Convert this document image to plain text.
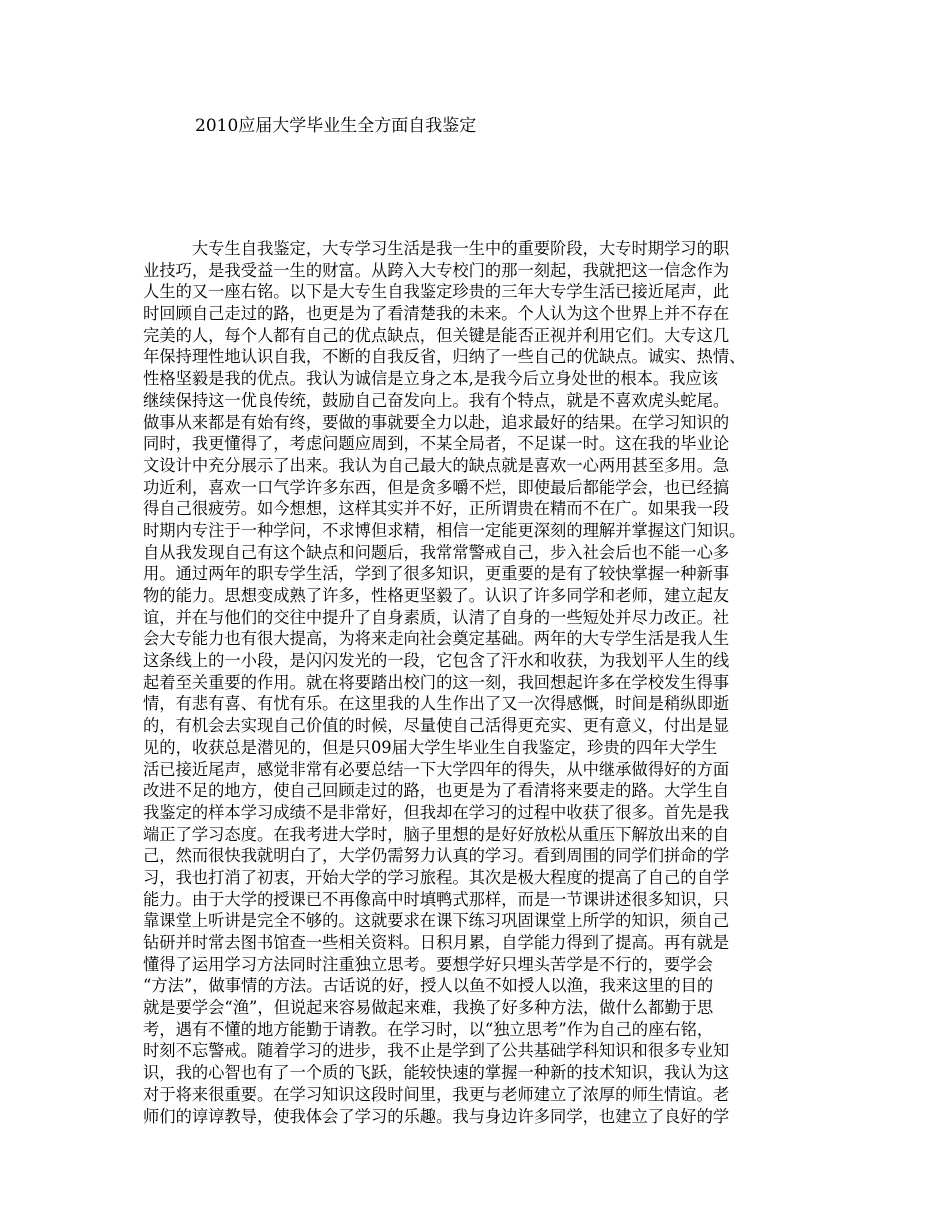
2010应届大学毕业生全方面自我鉴定
　　　大专生自我鉴定，大专学习生活是我一生中的重要阶段，大专时期学习的职
业技巧，是我受益一生的财富。从跨入大专校门的那一刻起，我就把这一信念作为
人生的又一座右铭。以下是大专生自我鉴定珍贵的三年大专学生活已接近尾声，此
时回顾自己走过的路，也更是为了看清楚我的未来。个人认为这个世界上并不存在
完美的人，每个人都有自己的优点缺点，但关键是能否正视并利用它们。大专这几
年保持理性地认识自我，不断的自我反省，归纳了一些自己的优缺点。诚实、热情、
性格坚毅是我的优点。我认为诚信是立身之本,是我今后立身处世的根本。我应该
继续保持这一优良传统，鼓励自己奋发向上。我有个特点，就是不喜欢虎头蛇尾。
做事从来都是有始有终，要做的事就要全力以赴，追求最好的结果。在学习知识的
同时，我更懂得了，考虑问题应周到，不某全局者，不足谋一时。这在我的毕业论
文设计中充分展示了出来。我认为自己最大的缺点就是喜欢一心两用甚至多用。急
功近利，喜欢一口气学许多东西，但是贪多嚼不烂，即使最后都能学会，也已经搞
得自己很疲劳。如今想想，这样其实并不好，正所谓贵在精而不在广。如果我一段
时期内专注于一种学问，不求博但求精，相信一定能更深刻的理解并掌握这门知识。
自从我发现自己有这个缺点和问题后，我常常警戒自己，步入社会后也不能一心多
用。通过两年的职专学生活，学到了很多知识，更重要的是有了较快掌握一种新事
物的能力。思想变成熟了许多，性格更坚毅了。认识了许多同学和老师，建立起友
谊，并在与他们的交往中提升了自身素质，认清了自身的一些短处并尽力改正。社
会大专能力也有很大提高，为将来走向社会奠定基础。两年的大专学生活是我人生
这条线上的一小段，是闪闪发光的一段，它包含了汗水和收获，为我划平人生的线
起着至关重要的作用。就在将要踏出校门的这一刻，我回想起许多在学校发生得事
情，有悲有喜、有忧有乐。在这里我的人生作出了又一次得感慨，时间是稍纵即逝
的，有机会去实现自己价值的时候，尽量使自己活得更充实、更有意义，付出是显
见的，收获总是潜见的，但是只09届大学生毕业生自我鉴定，珍贵的四年大学生
活已接近尾声，感觉非常有必要总结一下大学四年的得失，从中继承做得好的方面
改进不足的地方，使自己回顾走过的路，也更是为了看清将来要走的路。大学生自
我鉴定的样本学习成绩不是非常好，但我却在学习的过程中收获了很多。首先是我
端正了学习态度。在我考进大学时，脑子里想的是好好放松从重压下解放出来的自
己，然而很快我就明白了，大学仍需努力认真的学习。看到周围的同学们拼命的学
习，我也打消了初衷，开始大学的学习旅程。其次是极大程度的提高了自己的自学
能力。由于大学的授课已不再像高中时填鸭式那样，而是一节课讲述很多知识，只
靠课堂上听讲是完全不够的。这就要求在课下练习巩固课堂上所学的知识，须自己
钻研并时常去图书馆查一些相关资料。日积月累，自学能力得到了提高。再有就是
懂得了运用学习方法同时注重独立思考。要想学好只埋头苦学是不行的，要学会
“方法”，做事情的方法。古话说的好，授人以鱼不如授人以渔，我来这里的目的
就是要学会“渔”，但说起来容易做起来难，我换了好多种方法，做什么都勤于思
考，遇有不懂的地方能勤于请教。在学习时，以“独立思考”作为自己的座右铭，
时刻不忘警戒。随着学习的进步，我不止是学到了公共基础学科知识和很多专业知
识，我的心智也有了一个质的飞跃，能较快速的掌握一种新的技术知识，我认为这
对于将来很重要。在学习知识这段时间里，我更与老师建立了浓厚的师生情谊。老
师们的谆谆教导，使我体会了学习的乐趣。我与身边许多同学，也建立了良好的学
